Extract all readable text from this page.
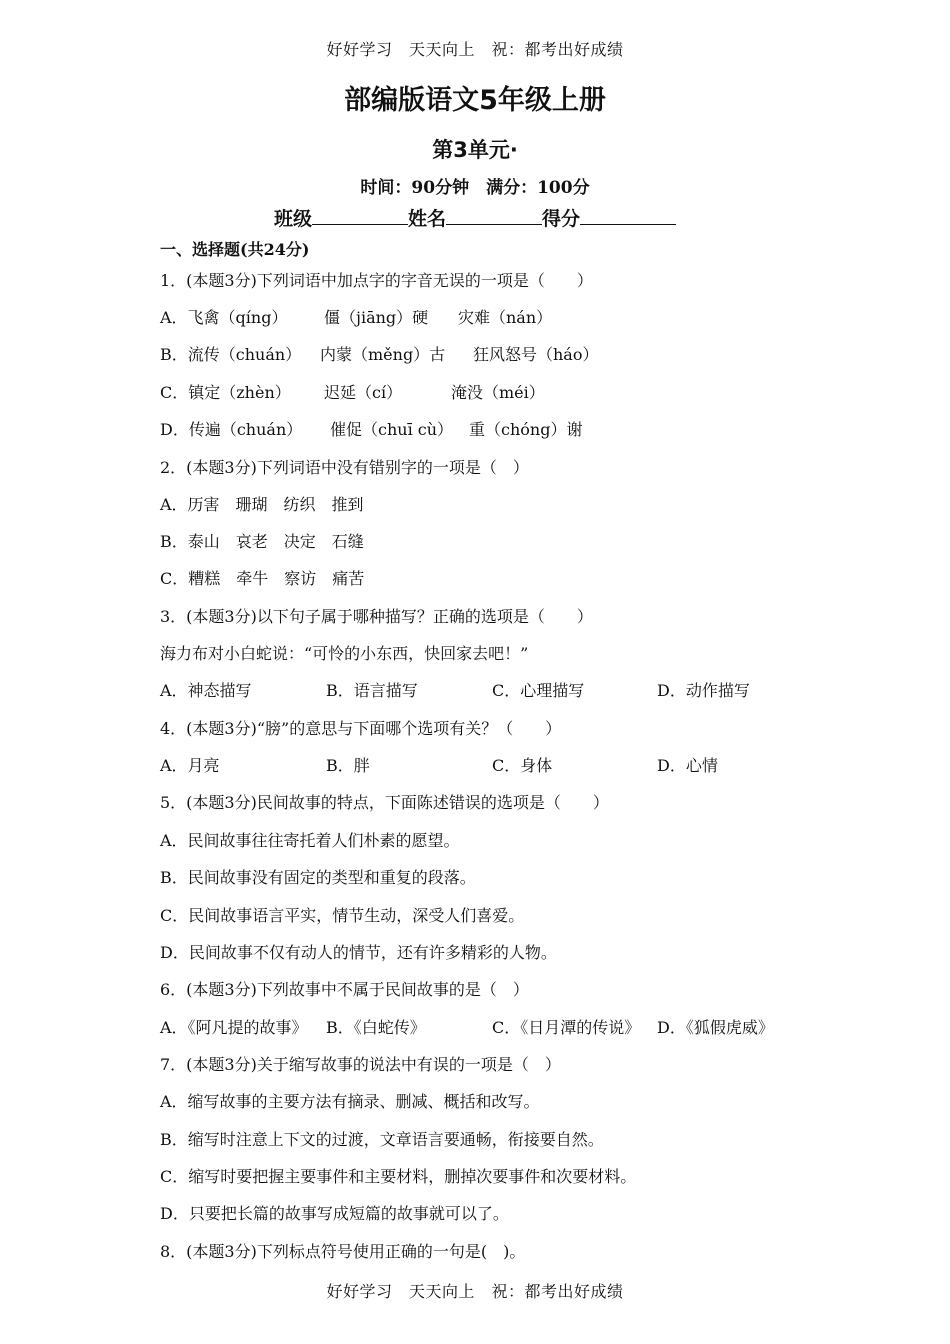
好好学习　天天向上　祝：都考出好成绩
部编版语文5年级上册
第3单元·
时间：90分钟　满分：100分
班级	姓名	得分
一、选择题(共24分)
1．(本题3分)下列词语中加点字的字音无误的一项是（　　）
A．飞禽（qíng） 僵（jiāng）硬 灾难（nán）
B．流传（chuán） 内蒙（měng）古 狂风怒号（háo）
C．镇定（zhèn） 迟延（cí）	淹没（méi）
D．传遍（chuán） 催促（chuī cù） 重（chóng）谢
2．(本题3分)下列词语中没有错别字的一项是（　）
A．历害　珊瑚　纺织　推到
B．泰山　哀老　决定　石缝
C．糟糕　牵牛　察访　痛苦
3．(本题3分)以下句子属于哪种描写？正确的选项是（　　）
海力布对小白蛇说：“可怜的小东西，快回家去吧！”
A．神态描写	B．语言描写	C．心理描写	D．动作描写
4．(本题3分)“膀”的意思与下面哪个选项有关？（　　）
A．月亮	B．胖	C．身体	D．心情
5．(本题3分)民间故事的特点，下面陈述错误的选项是（　　）
A．民间故事往往寄托着人们朴素的愿望。
B．民间故事没有固定的类型和重复的段落。
C．民间故事语言平实，情节生动，深受人们喜爱。
D．民间故事不仅有动人的情节，还有许多精彩的人物。
6．(本题3分)下列故事中不属于民间故事的是（　）
A．《阿凡提的故事》 B．《白蛇传》	C．《日月潭的传说》 D．《狐假虎威》
7．(本题3分)关于缩写故事的说法中有误的一项是（　）
A．缩写故事的主要方法有摘录、删减、概括和改写。
B．缩写时注意上下文的过渡，文章语言要通畅，衔接要自然。
C．缩写时要把握主要事件和主要材料，删掉次要事件和次要材料。
D．只要把长篇的故事写成短篇的故事就可以了。
8．(本题3分)下列标点符号使用正确的一句是(　)。
好好学习　天天向上　祝：都考出好成绩
